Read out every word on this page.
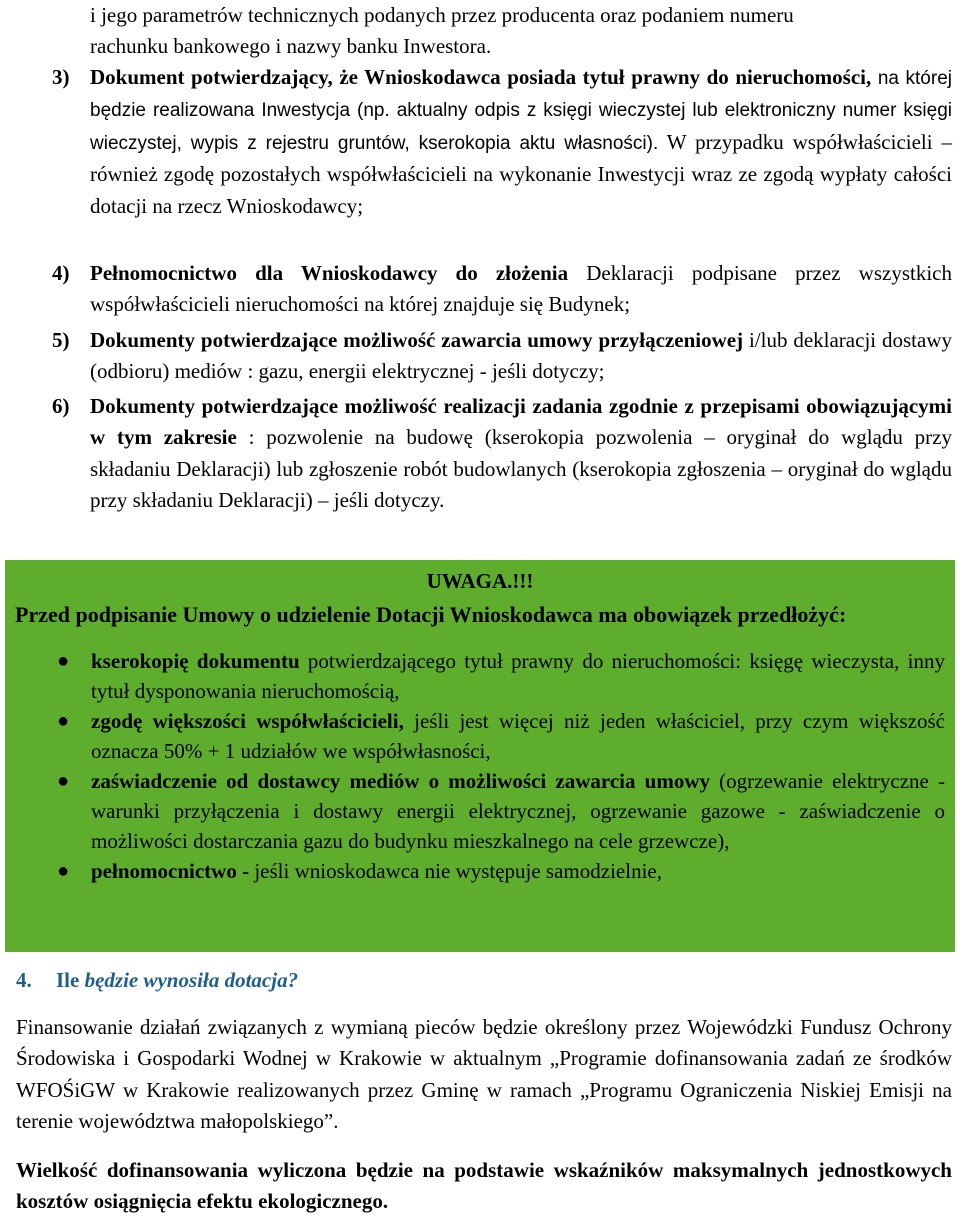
i jego parametrów technicznych podanych przez producenta oraz podaniem numeru
rachunku bankowego i nazwy banku Inwestora.
3) Dokument potwierdzający, że Wnioskodawca posiada tytuł prawny do nieruchomości, na której będzie realizowana Inwestycja (np. aktualny odpis z księgi wieczystej lub elektroniczny numer księgi wieczystej, wypis z rejestru gruntów, kserokopia aktu własności). W przypadku współwłaścicieli – również zgodę pozostałych współwłaścicieli na wykonanie Inwestycji wraz ze zgodą wypłaty całości dotacji na rzecz Wnioskodawcy;
4) Pełnomocnictwo dla Wnioskodawcy do złożenia Deklaracji podpisane przez wszystkich współwłaścicieli nieruchomości na której znajduje się Budynek;
5) Dokumenty potwierdzające możliwość zawarcia umowy przyłączeniowej i/lub deklaracji dostawy (odbioru) mediów : gazu, energii elektrycznej - jeśli dotyczy;
6) Dokumenty potwierdzające możliwość realizacji zadania zgodnie z przepisami obowiązującymi w tym zakresie : pozwolenie na budowę (kserokopia pozwolenia – oryginał do wglądu przy składaniu Deklaracji) lub zgłoszenie robót budowlanych (kserokopia zgłoszenia – oryginał do wglądu przy składaniu Deklaracji) – jeśli dotyczy.
UWAGA.!!!
Przed podpisanie Umowy o udzielenie Dotacji Wnioskodawca ma obowiązek przedłożyć:
● kserokopię dokumentu potwierdzającego tytuł prawny do nieruchomości: księgę wieczysta, inny tytuł dysponowania nieruchomością,
● zgodę większości współwłaścicieli, jeśli jest więcej niż jeden właściciel, przy czym większość oznacza 50% + 1 udziałów we współwłasności,
● zaświadczenie od dostawcy mediów o możliwości zawarcia umowy (ogrzewanie elektryczne - warunki przyłączenia i dostawy energii elektrycznej, ogrzewanie gazowe - zaświadczenie o możliwości dostarczania gazu do budynku mieszkalnego na cele grzewcze),
● pełnomocnictwo - jeśli wnioskodawca nie występuje samodzielnie,
4. Ile będzie wynosiła dotacja?
Finansowanie działań związanych z wymianą pieców będzie określony przez Wojewódzki Fundusz Ochrony Środowiska i Gospodarki Wodnej w Krakowie w aktualnym „Programie dofinansowania zadań ze środków WFOŚiGW w Krakowie realizowanych przez Gminę w ramach „Programu Ograniczenia Niskiej Emisji na terenie województwa małopolskiego”.
Wielkość dofinansowania wyliczona będzie na podstawie wskaźników maksymalnych jednostkowych kosztów osiągnięcia efektu ekologicznego.
